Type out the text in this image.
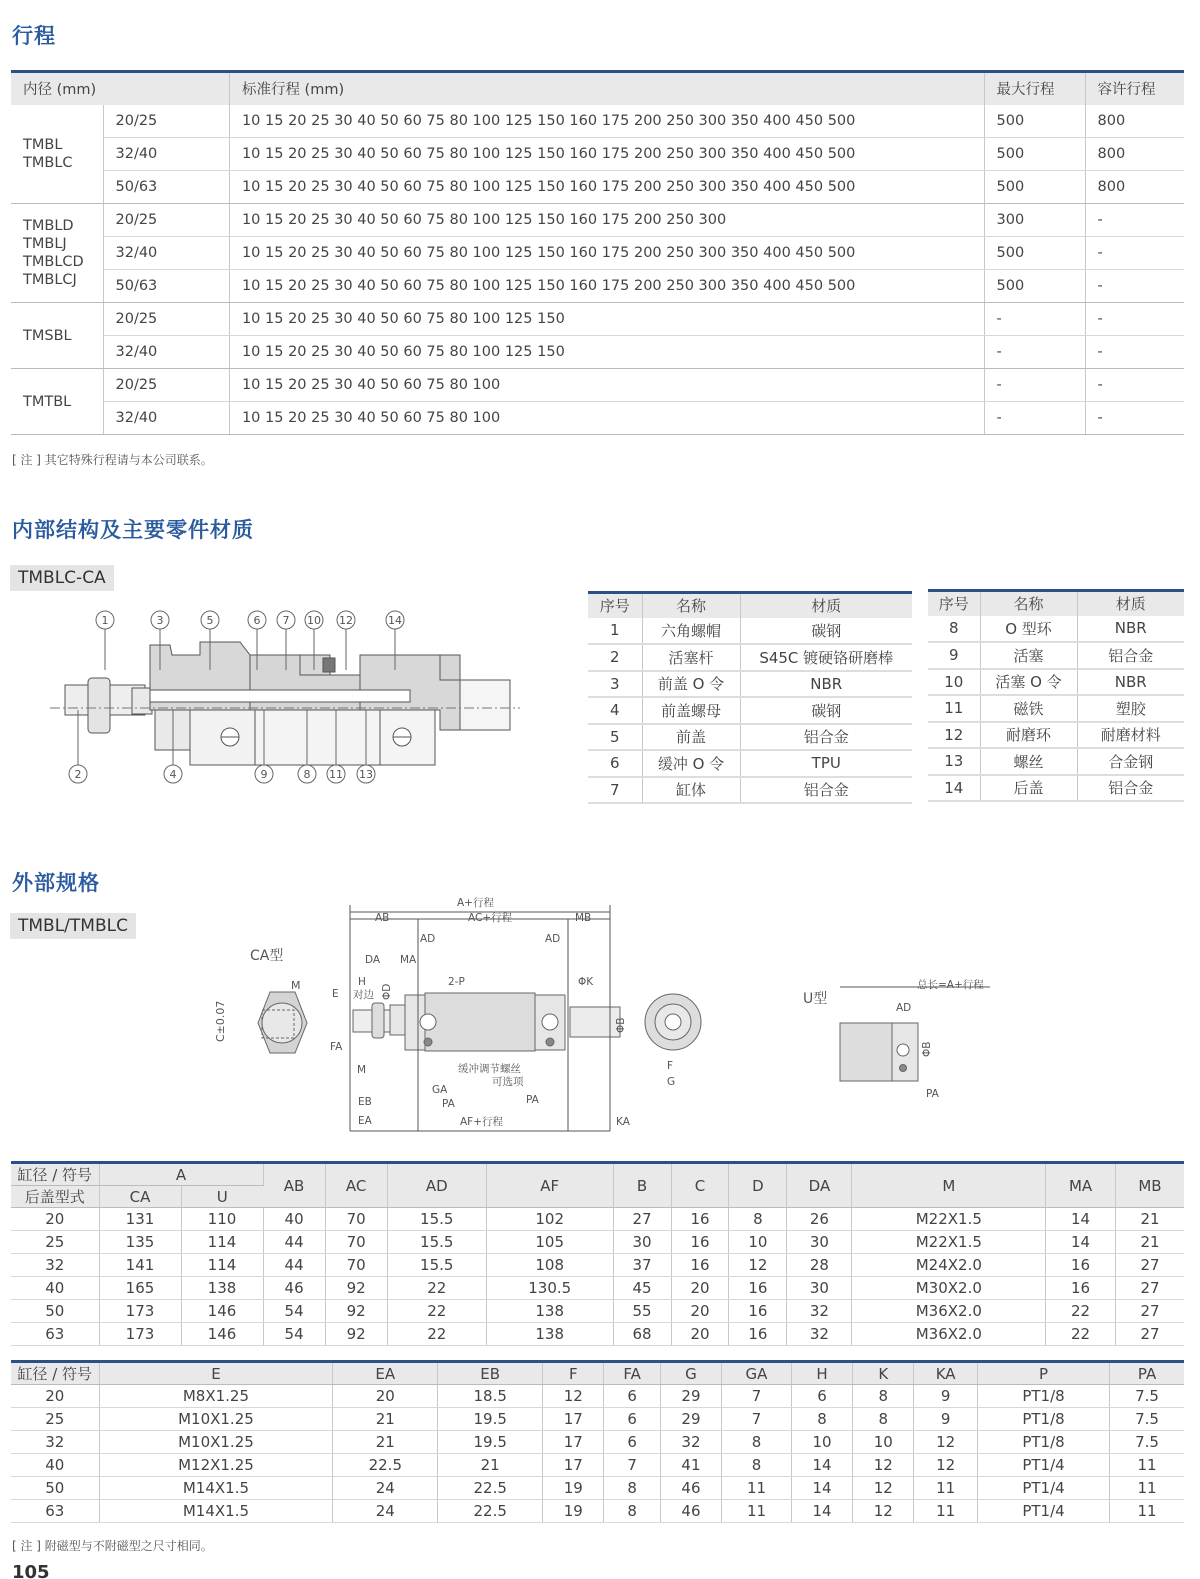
行程
内径 (mm)		标准行程 (mm)	最大行程	容许行程

TMBL
TMBLC	20/25	10 15 20 25 30 40 50 60 75 80 100 125 150 160 175 200 250 300 350 400 450 500	500	800
	32/40	10 15 20 25 30 40 50 60 75 80 100 125 150 160 175 200 250 300 350 400 450 500	500	800
	50/63	10 15 20 25 30 40 50 60 75 80 100 125 150 160 175 200 250 300 350 400 450 500	500	800

TMBLD
TMBLJ
TMBLCD
TMBLCJ	20/25	10 15 20 25 30 40 50 60 75 80 100 125 150 160 175 200 250 300	300	-
	32/40	10 15 20 25 30 40 50 60 75 80 100 125 150 160 175 200 250 300 350 400 450 500	500	-
	50/63	10 15 20 25 30 40 50 60 75 80 100 125 150 160 175 200 250 300 350 400 450 500	500	-

TMSBL	20/25	10 15 20 25 30 40 50 60 75 80 100 125 150	-	-
	32/40	10 15 20 25 30 40 50 60 75 80 100 125 150	-	-

TMTBL	20/25	10 15 20 25 30 40 50 60 75 80 100	-	-
	32/40	10 15 20 25 30 40 50 60 75 80 100	-	-
[ 注 ] 其它特殊行程请与本公司联系。
内部结构及主要零件材质
TMBLC-CA
1	3	5	6 7 10 12	14
2	4	9	8 11 13
序号	名称	材质
1	六角螺帽	碳钢
2	活塞杆	S45C 镀硬铬研磨棒
3	前盖 O 令	NBR
4	前盖螺母	碳钢
5	前盖	铝合金
6	缓冲 O 令	TPU
7	缸体	铝合金
序号	名称	材质
8	O 型环	NBR
9	活塞	铝合金
10	活塞 O 令	NBR
11	磁铁	塑胶
12	耐磨环	耐磨材料
13	螺丝	合金钢
14	后盖	铝合金
外部规格
TMBL/TMBLC
CA型
C±0.07
M
A+行程
AB	AC+行程	MB
AD	AD
DA MA
H
对边 ΦD
E
2-P	ΦK
ΦB
FA
M	缓冲调节螺丝
可选项
GA
PA	PA
EB
EA	AF+行程	KA
F
G
U型
总长=A+行程
AD
ΦB
PA
缸径 / 符号	A		AB	AC	AD	AF	B	C	D	DA	M	MA	MB
后盖型式	CA	U											
20	131	110	40	70	15.5	102	27	16	8	26	M22X1.5	14	21
25	135	114	44	70	15.5	105	30	16	10	30	M22X1.5	14	21
32	141	114	44	70	15.5	108	37	16	12	28	M24X2.0	16	27
40	165	138	46	92	22	130.5	45	20	16	30	M30X2.0	16	27
50	173	146	54	92	22	138	55	20	16	32	M36X2.0	22	27
63	173	146	54	92	22	138	68	20	16	32	M36X2.0	22	27
缸径 / 符号	E	EA	EB	F	FA	G	GA	H	K	KA	P	PA
20	M8X1.25	20	18.5	12	6	29	7	6	8	9	PT1/8	7.5
25	M10X1.25	21	19.5	17	6	29	7	8	8	9	PT1/8	7.5
32	M10X1.25	21	19.5	17	6	32	8	10	10	12	PT1/8	7.5
40	M12X1.25	22.5	21	17	7	41	8	14	12	12	PT1/4	11
50	M14X1.5	24	22.5	19	8	46	11	14	12	11	PT1/4	11
63	M14X1.5	24	22.5	19	8	46	11	14	12	11	PT1/4	11
[ 注 ] 附磁型与不附磁型之尺寸相同。
105
